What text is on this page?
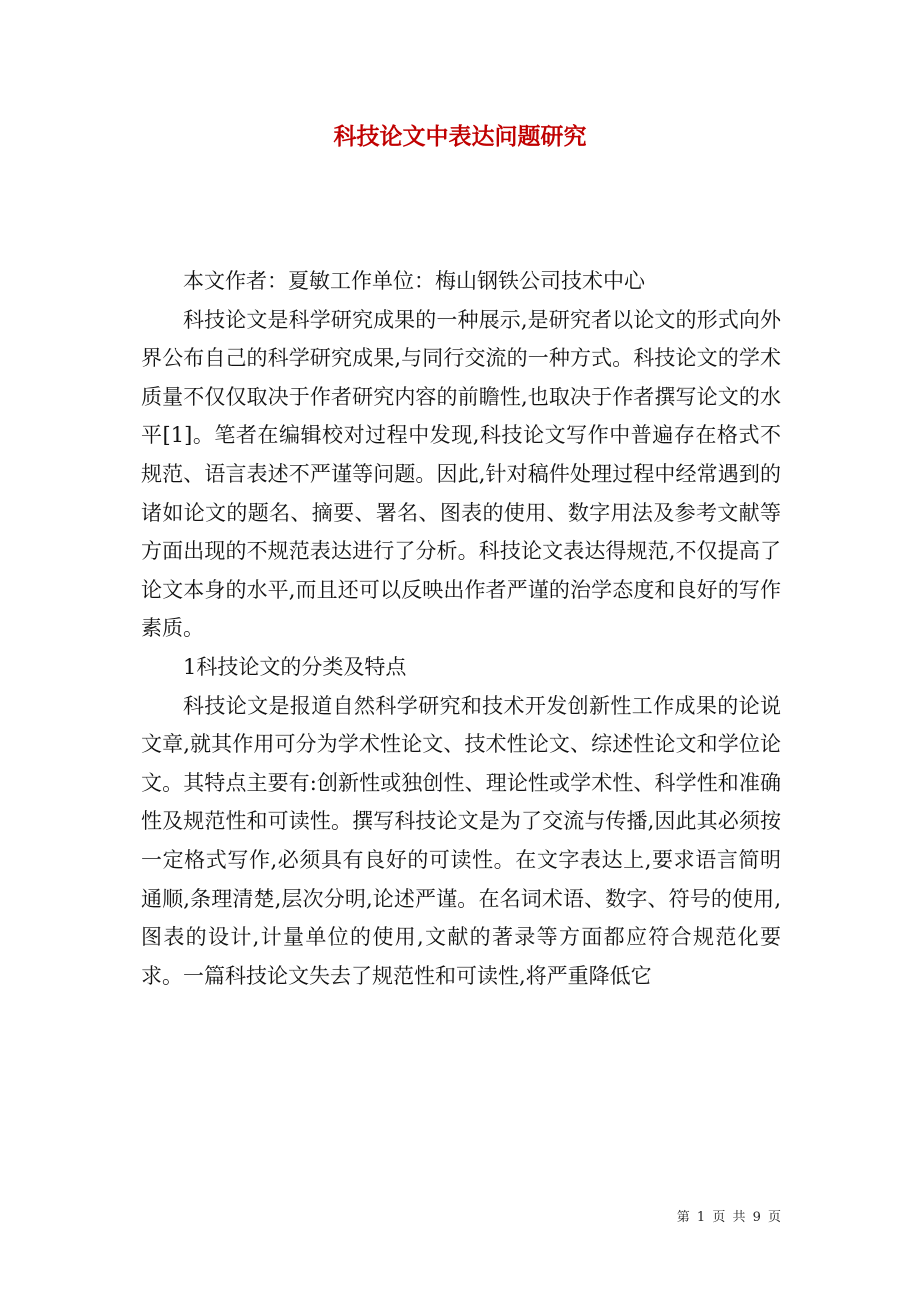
科技论文中表达问题研究

本文作者：夏敏工作单位：梅山钢铁公司技术中心

科技论文是科学研究成果的一种展示,是研究者以论文的形式向外界公布自己的科学研究成果,与同行交流的一种方式。科技论文的学术质量不仅仅取决于作者研究内容的前瞻性,也取决于作者撰写论文的水平[1]。笔者在编辑校对过程中发现,科技论文写作中普遍存在格式不规范、语言表述不严谨等问题。因此,针对稿件处理过程中经常遇到的诸如论文的题名、摘要、署名、图表的使用、数字用法及参考文献等方面出现的不规范表达进行了分析。科技论文表达得规范,不仅提高了论文本身的水平,而且还可以反映出作者严谨的治学态度和良好的写作素质。

1科技论文的分类及特点

科技论文是报道自然科学研究和技术开发创新性工作成果的论说文章,就其作用可分为学术性论文、技术性论文、综述性论文和学位论文。其特点主要有:创新性或独创性、理论性或学术性、科学性和准确性及规范性和可读性。撰写科技论文是为了交流与传播,因此其必须按一定格式写作,必须具有良好的可读性。在文字表达上,要求语言简明通顺,条理清楚,层次分明,论述严谨。在名词术语、数字、符号的使用,图表的设计,计量单位的使用,文献的著录等方面都应符合规范化要求。一篇科技论文失去了规范性和可读性,将严重降低它

第 1 页 共 9 页
